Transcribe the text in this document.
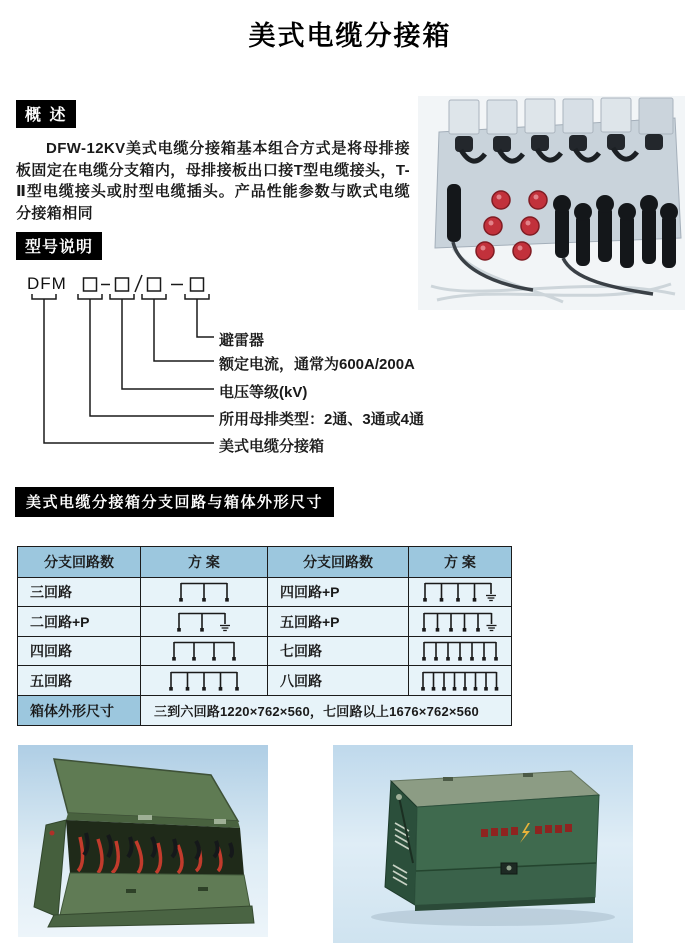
美式电缆分接箱
概 述
DFW-12KV美式电缆分接箱基本组合方式是将母排接板固定在电缆分支箱内，母排接板出口接T型电缆接头，T-Ⅱ型电缆接头或肘型电缆插头。产品性能参数与欧式电缆分接箱相同
型号说明
DFM
避雷器
额定电流，通常为600A/200A
电压等级(kV)
所用母排类型：2通、3通或4通
美式电缆分接箱
美式电缆分接箱分支回路与箱体外形尺寸
分支回路数	方 案	分支回路数	方 案
三回路		四回路+P	
二回路+P		五回路+P	
四回路		七回路	
五回路		八回路	
箱体外形尺寸	三到六回路1220×762×560，七回路以上1676×762×560		
